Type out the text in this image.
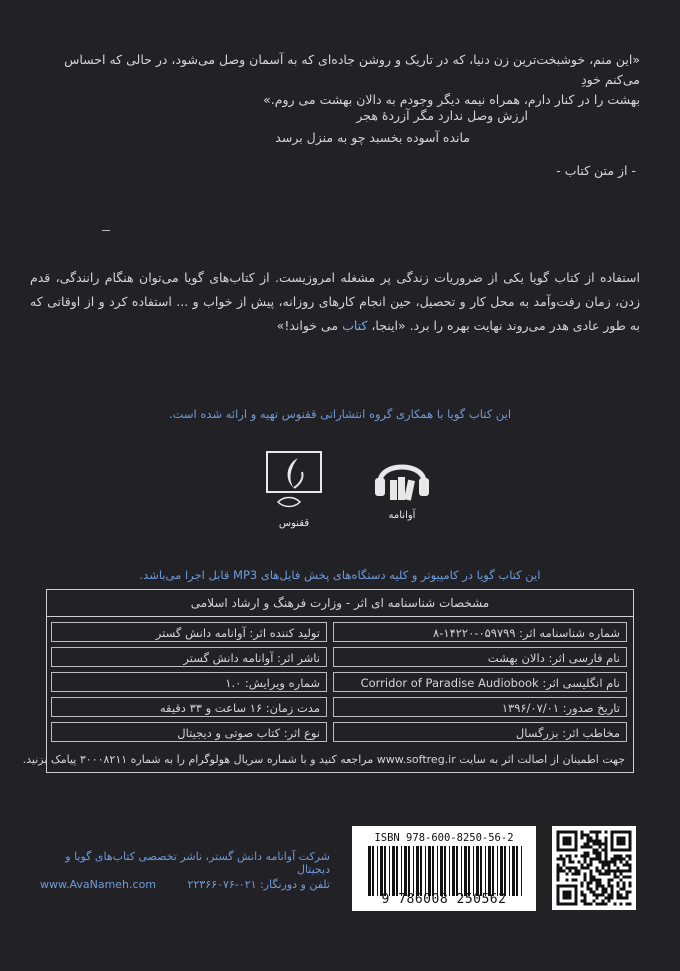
«این منم، خوشبخت‌ترین زن دنیا، که در تاریک و روشن جاده‌ای که به آسمان وصل می‌شود، در حالی که احساس می‌کنم خودِ

بهشت را در کنار دارم، همراه نیمه دیگر وجودم به دالان بهشت می روم.»

ارزش وصل ندارد مگر آزردهٔ هجر
مانده آسوده بخسبد چو به منزل برسد
- از متن کتاب -
استفاده از کتاب گویا یکی از ضروریات زندگی پر مشغله امروزیست. از کتاب‌های گویا می‌توان هنگام رانندگی، قدم زدن، زمان رفت‌وآمد به محل کار و تحصیل، حین انجام کارهای روزانه، پیش از خواب و ... استفاده کرد و از اوقاتی که به طور عادی هدر می‌روند نهایت بهره را برد. «اینجا، کتاب می خواند!»
این کتاب گویا با همکاری گروه انتشاراتی ققنوس تهیه و ارائه شده است.
ققنوس
آوانامه
این کتاب گویا در کامپیوتر و کلیه دستگاه‌های پخش فایل‌های MP3 قابل اجرا می‌باشد.
مشخصات شناسنامه ای اثر - وزارت فرهنگ و ارشاد اسلامی
شماره شناسنامه اثر: ۰۵۹۷۹۹-۱۴۲۲۰-۸
تولید کننده اثر: آوانامه دانش گستر
نام فارسی اثر: دالان بهشت
ناشر اثر: آوانامه دانش گستر
نام انگلیسی اثر: Corridor of Paradise Audiobook
شماره ویرایش: ۱.۰
تاریخ صدور: ۱۳۹۶/۰۷/۰۱
مدت زمان: ۱۶ ساعت و ۳۳ دقیقه
مخاطب اثر: بزرگسال
نوع اثر: کتاب صوتی و دیجیتال
جهت اطمینان از اصالت اثر به سایت www.softreg.ir مراجعه کنید و با شماره سریال هولوگرام را به شماره ۳۰۰۰۸۲۱۱ پیامک بزنید.
شرکت آوانامه دانش گستر، ناشر تخصصی کتاب‌های گویا و دیجیتال
تلفن و دورنگار: ۰۲۱-۲۲۳۶۶۰۷۶
www.AvaNameh.com
ISBN 978-600-8250-56-2
9 786008 250562
